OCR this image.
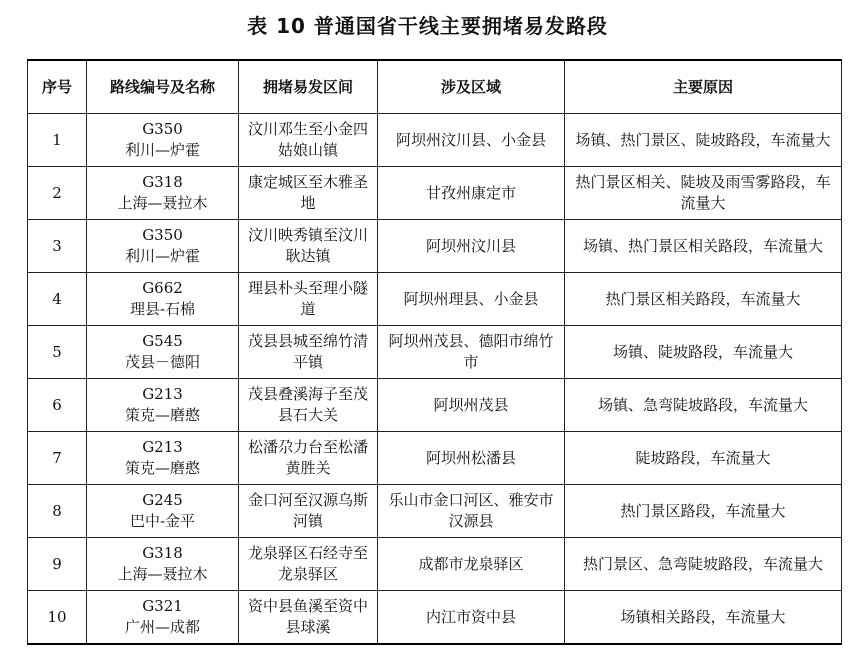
表 10 普通国省干线主要拥堵易发路段
序号	路线编号及名称	拥堵易发区间	涉及区域	主要原因
1	G350
利川—炉霍	汶川邓生至小金四姑娘山镇	阿坝州汶川县、小金县	场镇、热门景区、陡坡路段，车流量大
2	G318
上海—聂拉木	康定城区至木雅圣地	甘孜州康定市	热门景区相关、陡坡及雨雪雾路段，车流量大
3	G350
利川—炉霍	汶川映秀镇至汶川耿达镇	阿坝州汶川县	场镇、热门景区相关路段，车流量大
4	G662
理县-石棉	理县朴头至理小隧道	阿坝州理县、小金县	热门景区相关路段，车流量大
5	G545
茂县－德阳	茂县县城至绵竹清平镇	阿坝州茂县、德阳市绵竹市	场镇、陡坡路段，车流量大
6	G213
策克—磨憨	茂县叠溪海子至茂县石大关	阿坝州茂县	场镇、急弯陡坡路段，车流量大
7	G213
策克—磨憨	松潘尕力台至松潘黄胜关	阿坝州松潘县	陡坡路段，车流量大
8	G245
巴中-金平	金口河至汉源乌斯河镇	乐山市金口河区、雅安市汉源县	热门景区路段，车流量大
9	G318
上海—聂拉木	龙泉驿区石经寺至龙泉驿区	成都市龙泉驿区	热门景区、急弯陡坡路段，车流量大
10	G321
广州—成都	资中县鱼溪至资中县球溪	内江市资中县	场镇相关路段，车流量大
